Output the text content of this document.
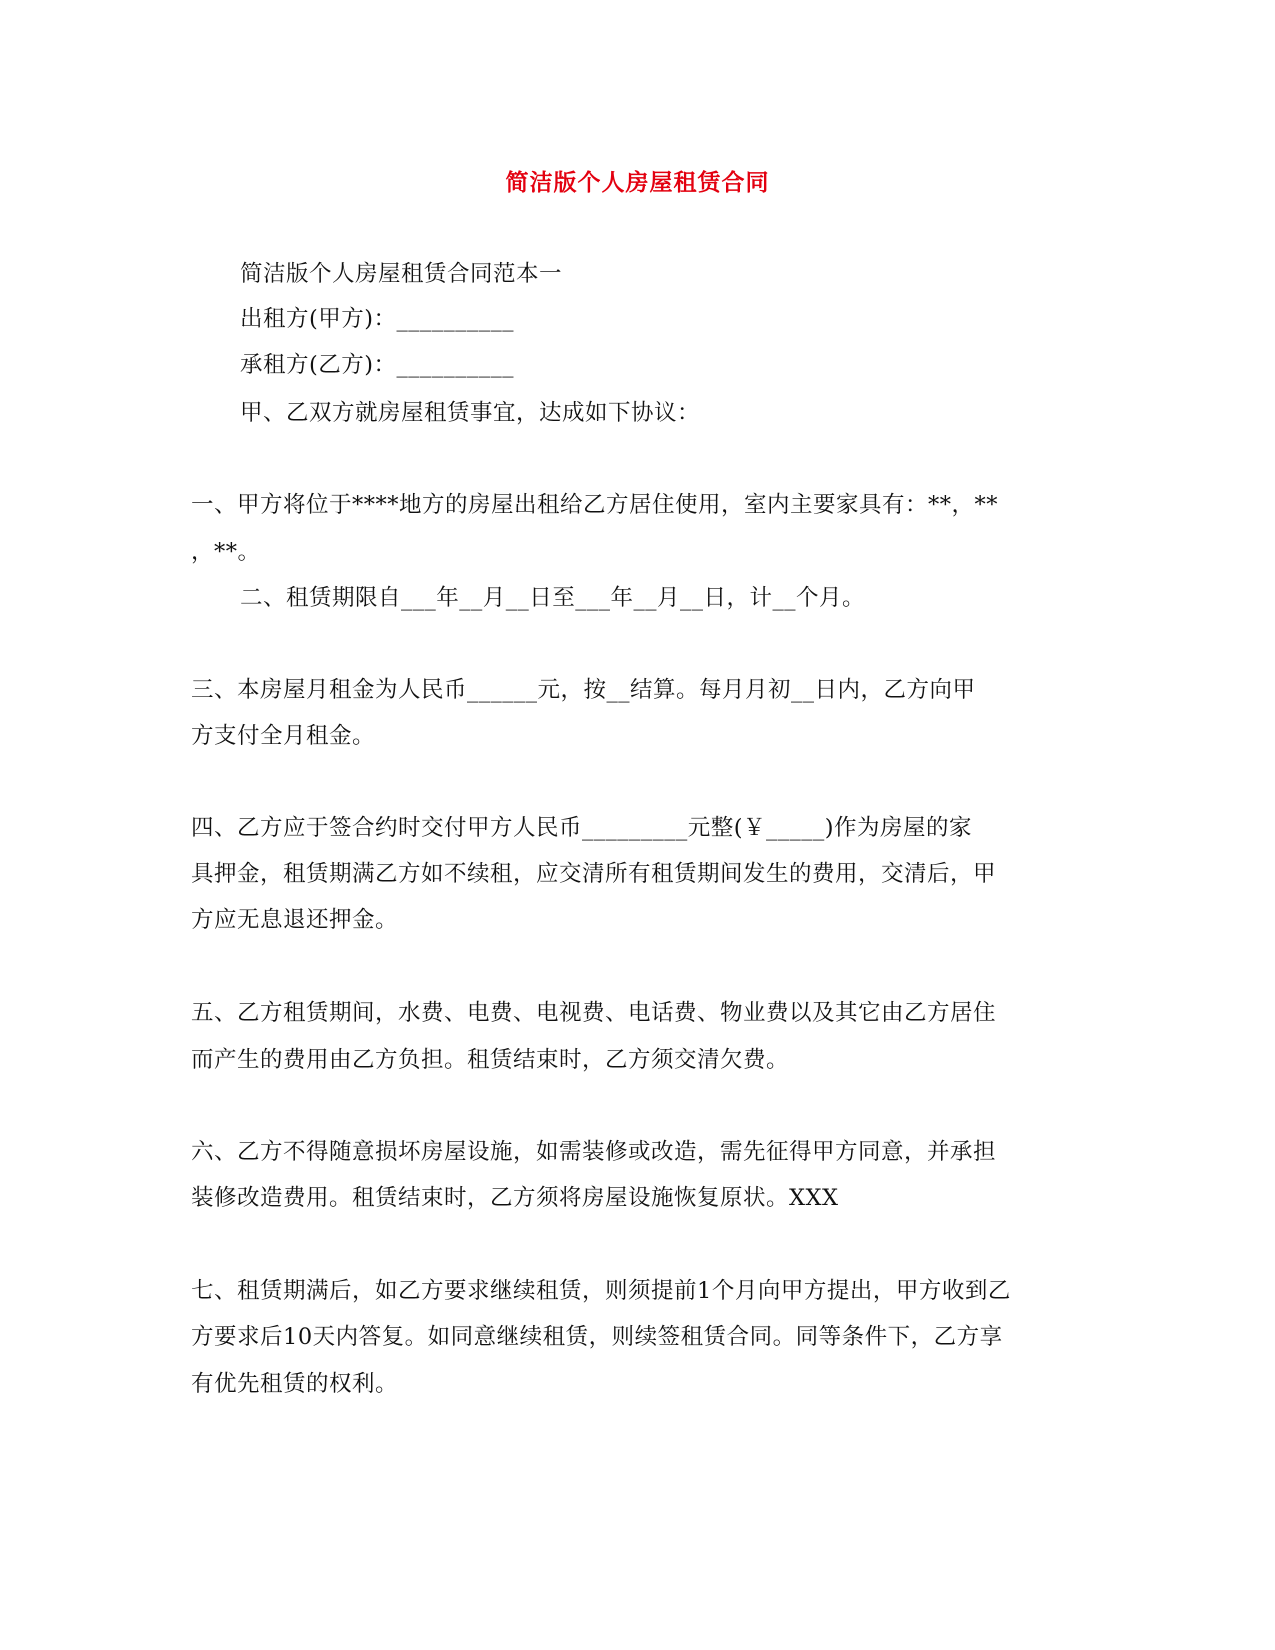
简洁版个人房屋租赁合同
简洁版个人房屋租赁合同范本一
出租方(甲方)：__________
承租方(乙方)：__________
甲、乙双方就房屋租赁事宜，达成如下协议：
一、甲方将位于****地方的房屋出租给乙方居住使用，室内主要家具有：**，**
，**。
二、租赁期限自___年__月__日至___年__月__日，计__个月。
三、本房屋月租金为人民币______元，按__结算。每月月初__日内，乙方向甲
方支付全月租金。
四、乙方应于签合约时交付甲方人民币_________元整(￥_____)作为房屋的家
具押金，租赁期满乙方如不续租，应交清所有租赁期间发生的费用，交清后，甲
方应无息退还押金。
五、乙方租赁期间，水费、电费、电视费、电话费、物业费以及其它由乙方居住
而产生的费用由乙方负担。租赁结束时，乙方须交清欠费。
六、乙方不得随意损坏房屋设施，如需装修或改造，需先征得甲方同意，并承担
装修改造费用。租赁结束时，乙方须将房屋设施恢复原状。XXX
七、租赁期满后，如乙方要求继续租赁，则须提前1个月向甲方提出，甲方收到乙
方要求后10天内答复。如同意继续租赁，则续签租赁合同。同等条件下，乙方享
有优先租赁的权利。
